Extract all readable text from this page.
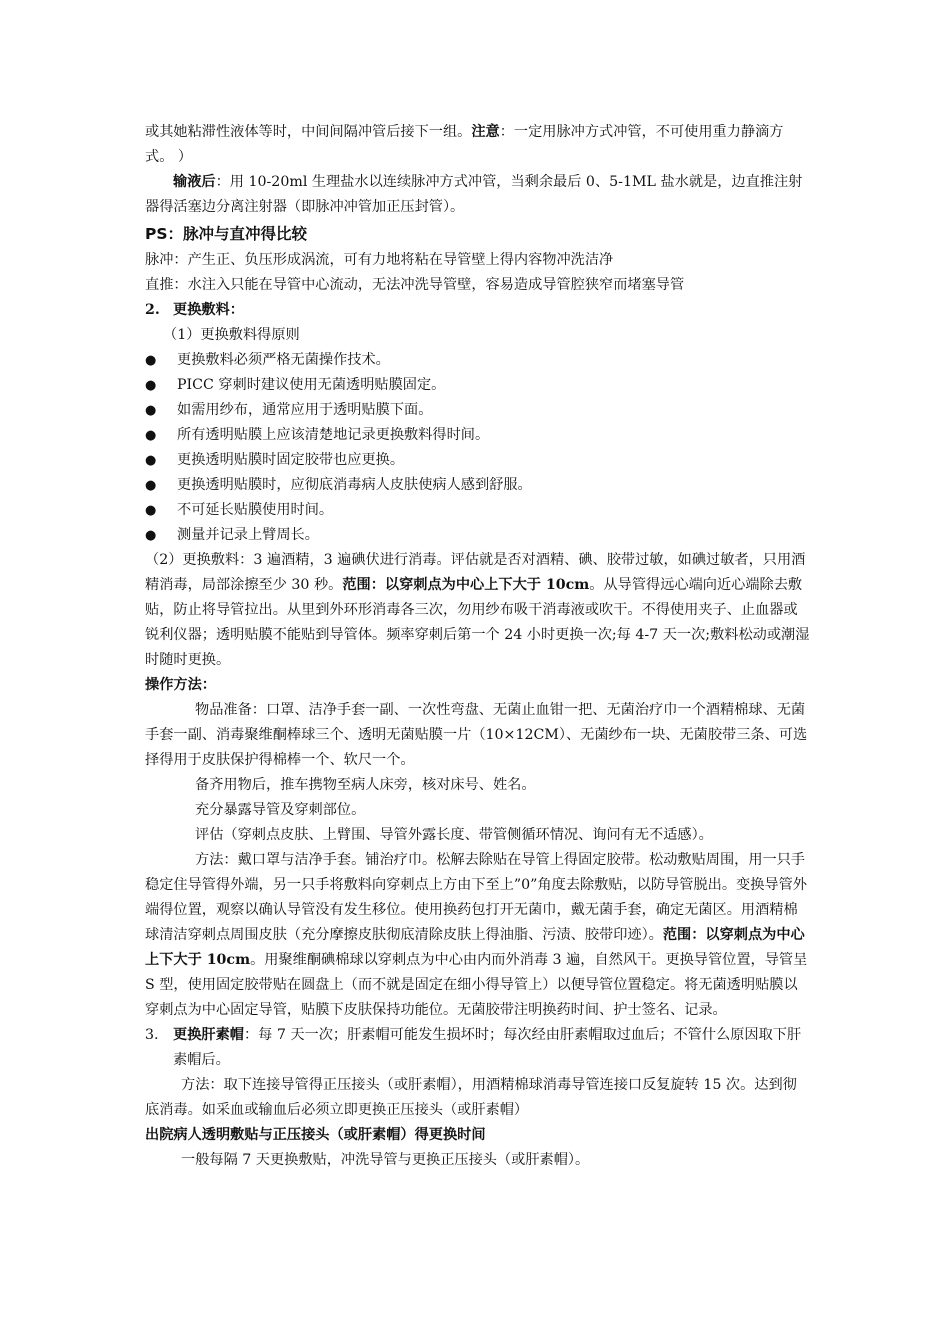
或其她粘滞性液体等时，中间间隔冲管后接下一组。注意：一定用脉冲方式冲管，不可使用重力静滴方式。 ）

输液后：用 10-20ml 生理盐水以连续脉冲方式冲管，当剩余最后 0、5-1ML 盐水就是，边直推注射器得活塞边分离注射器（即脉冲冲管加正压封管）。

PS：脉冲与直冲得比较

脉冲：产生正、负压形成涡流，可有力地将粘在导管壁上得内容物冲洗洁净

直推：水注入只能在导管中心流动，无法冲洗导管壁，容易造成导管腔狭窄而堵塞导管

2. 更换敷料：

（1）更换敷料得原则

●	更换敷料必须严格无菌操作技术。

●	PICC 穿刺时建议使用无菌透明贴膜固定。

●	如需用纱布，通常应用于透明贴膜下面。

●	所有透明贴膜上应该清楚地记录更换敷料得时间。

●	更换透明贴膜时固定胶带也应更换。

●	更换透明贴膜时，应彻底消毒病人皮肤使病人感到舒服。

●	不可延长贴膜使用时间。

●	测量并记录上臂周长。

（2）更换敷料：3 遍酒精，3 遍碘伏进行消毒。评估就是否对酒精、碘、胶带过敏，如碘过敏者，只用酒精消毒，局部涂擦至少 30 秒。范围：以穿刺点为中心上下大于 10cm。从导管得远心端向近心端除去敷贴，防止将导管拉出。从里到外环形消毒各三次，勿用纱布吸干消毒液或吹干。不得使用夹子、止血器或锐利仪器；透明贴膜不能贴到导管体。频率穿刺后第一个 24 小时更换一次;每 4-7 天一次;敷料松动或潮湿时随时更换。

操作方法：

物品准备：口罩、洁净手套一副、一次性弯盘、无菌止血钳一把、无菌治疗巾一个酒精棉球、无菌手套一副、消毒聚维酮棒球三个、透明无菌贴膜一片（10×12CM）、无菌纱布一块、无菌胶带三条、可选择得用于皮肤保护得棉棒一个、软尺一个。

备齐用物后，推车携物至病人床旁，核对床号、姓名。

充分暴露导管及穿刺部位。

评估（穿刺点皮肤、上臂围、导管外露长度、带管侧循环情况、询问有无不适感）。

方法：戴口罩与洁净手套。铺治疗巾。松解去除贴在导管上得固定胶带。松动敷贴周围，用一只手稳定住导管得外端，另一只手将敷料向穿刺点上方由下至上”0”角度去除敷贴，以防导管脱出。变换导管外端得位置，观察以确认导管没有发生移位。使用换药包打开无菌巾，戴无菌手套，确定无菌区。用酒精棉球清洁穿刺点周围皮肤（充分摩擦皮肤彻底清除皮肤上得油脂、污渍、胶带印迹）。范围：以穿刺点为中心上下大于 10cm。用聚维酮碘棉球以穿刺点为中心由内而外消毒 3 遍，自然风干。更换导管位置，导管呈 S 型，使用固定胶带贴在圆盘上（而不就是固定在细小得导管上）以便导管位置稳定。将无菌透明贴膜以穿刺点为中心固定导管，贴膜下皮肤保持功能位。无菌胶带注明换药时间、护士签名、记录。

3.	更换肝素帽：每 7 天一次；肝素帽可能发生损坏时；每次经由肝素帽取过血后；不管什么原因取下肝素帽后。

方法：取下连接导管得正压接头（或肝素帽），用酒精棉球消毒导管连接口反复旋转 15 次。达到彻底消毒。如采血或输血后必须立即更换正压接头（或肝素帽）

出院病人透明敷贴与正压接头（或肝素帽）得更换时间

一般每隔 7 天更换敷贴，冲洗导管与更换正压接头（或肝素帽）。
